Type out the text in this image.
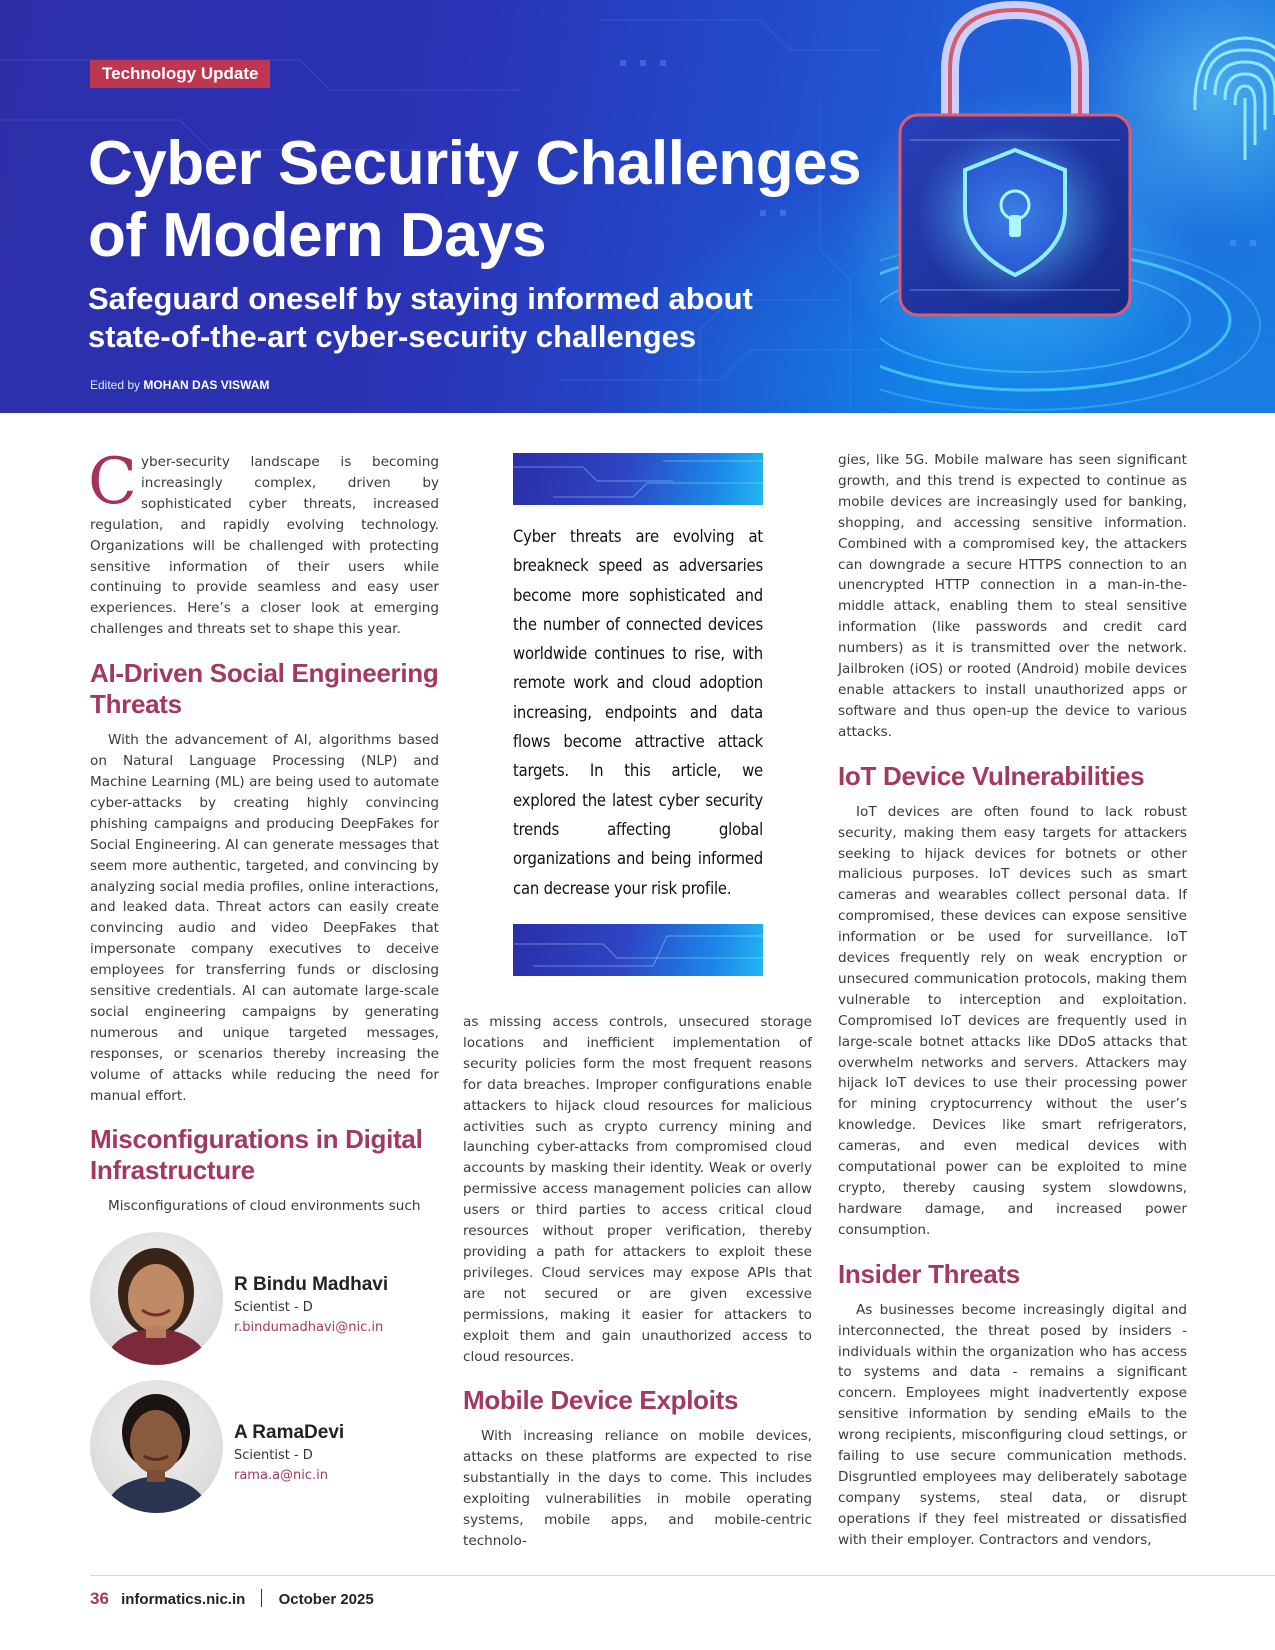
Technology Update
Cyber Security Challenges
of Modern Days
Safeguard oneself by staying informed about
state-of-the-art cyber-security challenges
Edited by MOHAN DAS VISWAM
C yber-security landscape is becoming increasingly complex, driven by sophisticated cyber threats, increased regulation, and rapidly evolving technology. Organizations will be challenged with protecting sensitive information of their users while continuing to provide seamless and easy user experiences. Here’s a closer look at emerging challenges and threats set to shape this year.

AI-Driven Social Engineering Threats

With the advancement of AI, algorithms based on Natural Language Processing (NLP) and Machine Learning (ML) are being used to automate cyber-attacks by creating highly convincing phishing campaigns and producing DeepFakes for Social Engineering. AI can generate messages that seem more authentic, targeted, and convincing by analyzing social media profiles, online interactions, and leaked data. Threat actors can easily create convincing audio and video DeepFakes that impersonate company executives to deceive employees for transferring funds or disclosing sensitive credentials. AI can automate large-scale social engineering campaigns by generating numerous and unique targeted messages, responses, or scenarios thereby increasing the volume of attacks while reducing the need for manual effort.

Misconfigurations in Digital Infrastructure

Misconfigurations of cloud environments such

Cyber threats are evolving at breakneck speed as adversaries become more sophisticated and the number of connected devices worldwide continues to rise, with remote work and cloud adoption increasing, endpoints and data flows become attractive attack targets. In this article, we explored the latest cyber security trends affecting global organizations and being informed can decrease your risk profile.

as missing access controls, unsecured storage locations and inefficient implementation of security policies form the most frequent reasons for data breaches. Improper configurations enable attackers to hijack cloud resources for malicious activities such as crypto currency mining and launching cyber-attacks from compromised cloud accounts by masking their identity. Weak or overly permissive access management policies can allow users or third parties to access critical cloud resources without proper verification, thereby providing a path for attackers to exploit these privileges. Cloud services may expose APIs that are not secured or are given excessive permissions, making it easier for attackers to exploit them and gain unauthorized access to cloud resources.

Mobile Device Exploits

With increasing reliance on mobile devices, attacks on these platforms are expected to rise substantially in the days to come. This includes exploiting vulnerabilities in mobile operating systems, mobile apps, and mobile-centric technolo-

gies, like 5G. Mobile malware has seen significant growth, and this trend is expected to continue as mobile devices are increasingly used for banking, shopping, and accessing sensitive information. Combined with a compromised key, the attackers can downgrade a secure HTTPS connection to an unencrypted HTTP connection in a man-in-the-middle attack, enabling them to steal sensitive information (like passwords and credit card numbers) as it is transmitted over the network. Jailbroken (iOS) or rooted (Android) mobile devices enable attackers to install unauthorized apps or software and thus open-up the device to various attacks.

IoT Device Vulnerabilities

IoT devices are often found to lack robust security, making them easy targets for attackers seeking to hijack devices for botnets or other malicious purposes. IoT devices such as smart cameras and wearables collect personal data. If compromised, these devices can expose sensitive information or be used for surveillance. IoT devices frequently rely on weak encryption or unsecured communication protocols, making them vulnerable to interception and exploitation. Compromised IoT devices are frequently used in large-scale botnet attacks like DDoS attacks that overwhelm networks and servers. Attackers may hijack IoT devices to use their processing power for mining cryptocurrency without the user’s knowledge. Devices like smart refrigerators, cameras, and even medical devices with computational power can be exploited to mine crypto, thereby causing system slowdowns, hardware damage, and increased power consumption.

Insider Threats

As businesses become increasingly digital and interconnected, the threat posed by insiders - individuals within the organization who has access to systems and data - remains a significant concern. Employees might inadvertently expose sensitive information by sending eMails to the wrong recipients, misconfiguring cloud settings, or failing to use secure communication methods. Disgruntled employees may deliberately sabotage company systems, steal data, or disrupt operations if they feel mistreated or dissatisfied with their employer. Contractors and vendors,

R Bindu Madhavi
Scientist - D
r.bindumadhavi@nic.in
A RamaDevi
Scientist - D
rama.a@nic.in
36 informatics.nic.in October 2025
